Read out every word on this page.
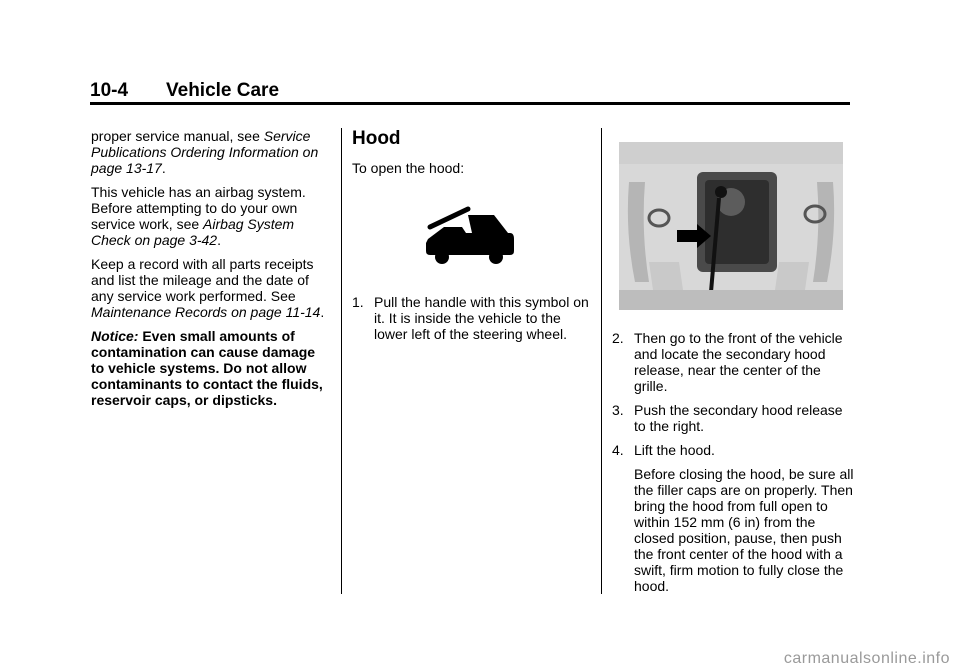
10-4 Vehicle Care

proper service manual, see Service Publications Ordering Information on page 13-17.

This vehicle has an airbag system. Before attempting to do your own service work, see Airbag System Check on page 3-42.

Keep a record with all parts receipts and list the mileage and the date of any service work performed. See Maintenance Records on page 11-14.

Notice: Even small amounts of contamination can cause damage to vehicle systems. Do not allow contaminants to contact the fluids, reservoir caps, or dipsticks.

Hood

To open the hood:

1. Pull the handle with this symbol on it. It is inside the vehicle to the lower left of the steering wheel.	2. Then go to the front of the vehicle and locate the secondary hood release, near the center of the grille.
3. Push the secondary hood release to the right.
4. Lift the hood.

Before closing the hood, be sure all the filler caps are on properly. Then bring the hood from full open to within 152 mm (6 in) from the closed position, pause, then push the front center of the hood with a swift, firm motion to fully close the hood.

carmanualsonline.info
